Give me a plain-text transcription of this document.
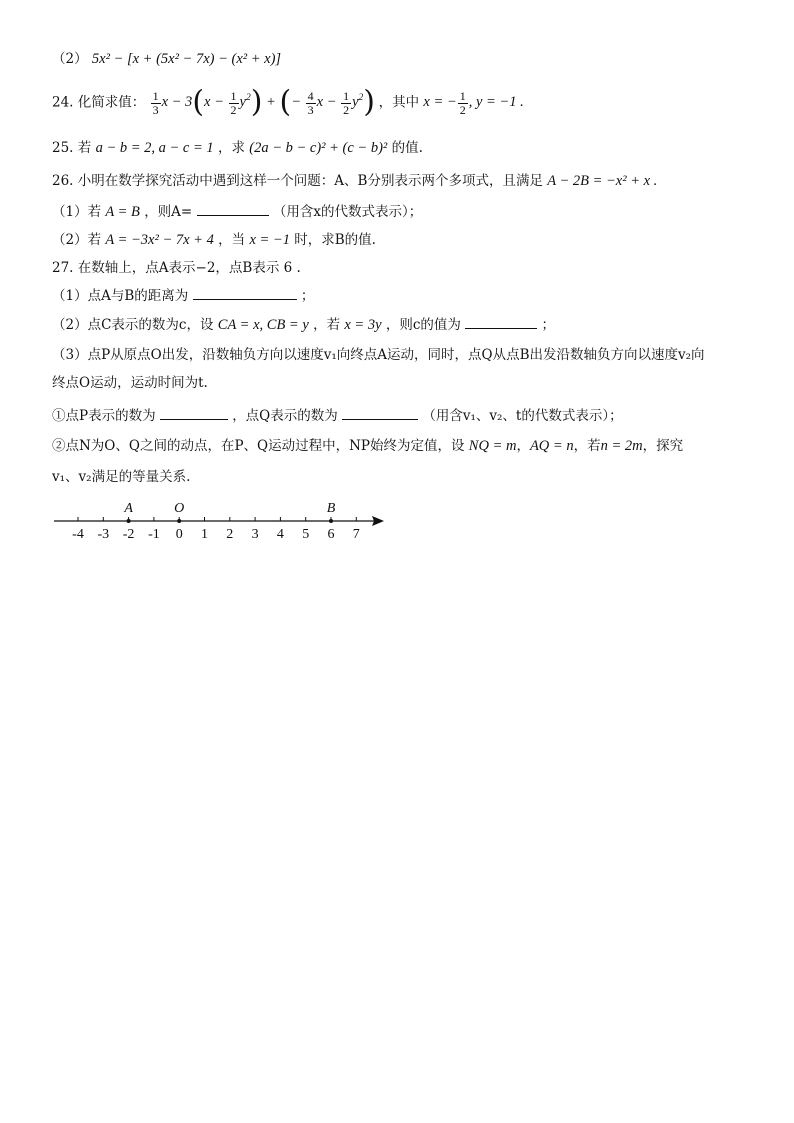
（2） 5x² − [x + (5x² − 7x) − (x² + x)]
24. 化简求值： $\frac{1}{3}$ $x - 3(x - \frac{1}{2} y^2)$ + (− $\frac{4}{3}$ $x - \frac{1}{2} y^2$) ，其中 x = − $\frac{1}{2}$ , y = −1 .
25. 若 a − b = 2, a − c = 1 ，求 (2a − b − c)² + (c − b)² 的值.
26. 小明在数学探究活动中遇到这样一个问题：A、B分别表示两个多项式，且满足 A − 2B = −x² + x .
（1）若 A = B ，则A=	（用含x的代数式表示）；
（2）若 A = −3x² − 7x + 4 ，当 x = −1 时，求B的值.
27. 在数轴上，点A表示−2，点B表示 6 .
（1）点A与B的距离为	；
（2）点C表示的数为c，设 CA = x, CB = y ，若 x = 3y ，则c的值为	；
（3）点P从原点O出发，沿数轴负方向以速度v₁向终点A运动，同时，点Q从点B出发沿数轴负方向以速度v₂向
终点O运动，运动时间为t.
①点P表示的数为	，点Q表示的数为	（用含v₁、v₂、t的代数式表示）；
②点N为O、Q之间的动点，在P、Q运动过程中，NP始终为定值，设 NQ = m，AQ = n，若n = 2m，探究
v₁、v₂满足的等量关系.
-4 -3 -2 -1 0 1 2 3 4 5 6 7
A	O	B
